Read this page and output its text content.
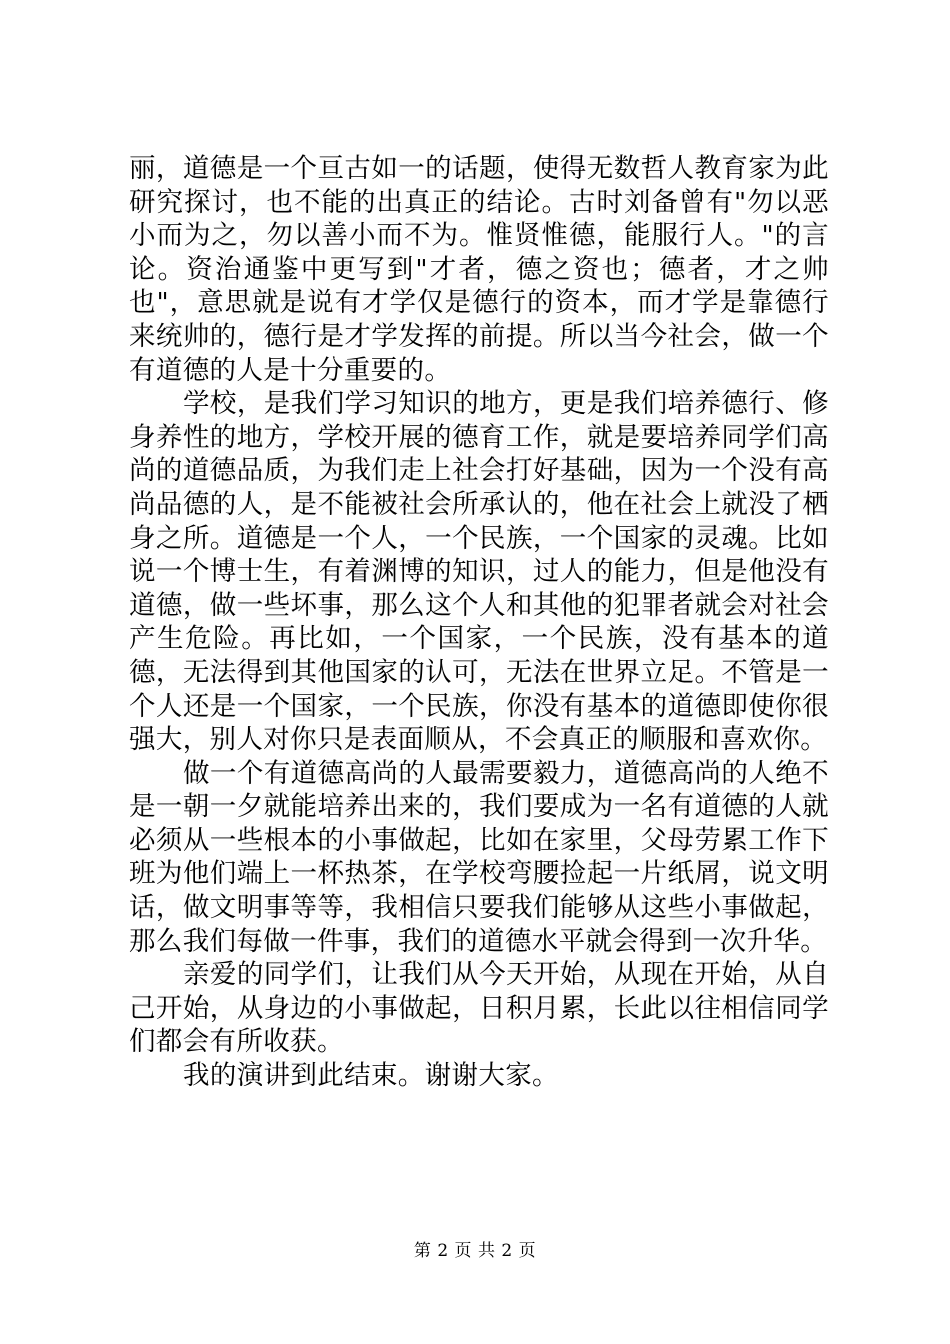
丽，道德是一个亘古如一的话题，使得无数哲人教育家为此研究探讨，也不能的出真正的结论。古时刘备曾有"勿以恶小而为之，勿以善小而不为。惟贤惟德，能服行人。"的言论。资治通鉴中更写到"才者，德之资也；德者，才之帅也"，意思就是说有才学仅是德行的资本，而才学是靠德行来统帅的，德行是才学发挥的前提。所以当今社会，做一个有道德的人是十分重要的。

学校，是我们学习知识的地方，更是我们培养德行、修身养性的地方，学校开展的德育工作，就是要培养同学们高尚的道德品质，为我们走上社会打好基础，因为一个没有高尚品德的人，是不能被社会所承认的，他在社会上就没了栖身之所。道德是一个人，一个民族，一个国家的灵魂。比如说一个博士生，有着渊博的知识，过人的能力，但是他没有道德，做一些坏事，那么这个人和其他的犯罪者就会对社会产生危险。再比如，一个国家，一个民族，没有基本的道德，无法得到其他国家的认可，无法在世界立足。不管是一个人还是一个国家，一个民族，你没有基本的道德即使你很强大，别人对你只是表面顺从，不会真正的顺服和喜欢你。

做一个有道德高尚的人最需要毅力，道德高尚的人绝不是一朝一夕就能培养出来的，我们要成为一名有道德的人就必须从一些根本的小事做起，比如在家里，父母劳累工作下班为他们端上一杯热茶，在学校弯腰捡起一片纸屑，说文明话，做文明事等等，我相信只要我们能够从这些小事做起，那么我们每做一件事，我们的道德水平就会得到一次升华。

亲爱的同学们，让我们从今天开始，从现在开始，从自己开始，从身边的小事做起，日积月累，长此以往相信同学们都会有所收获。

我的演讲到此结束。谢谢大家。

第 2 页 共 2 页
